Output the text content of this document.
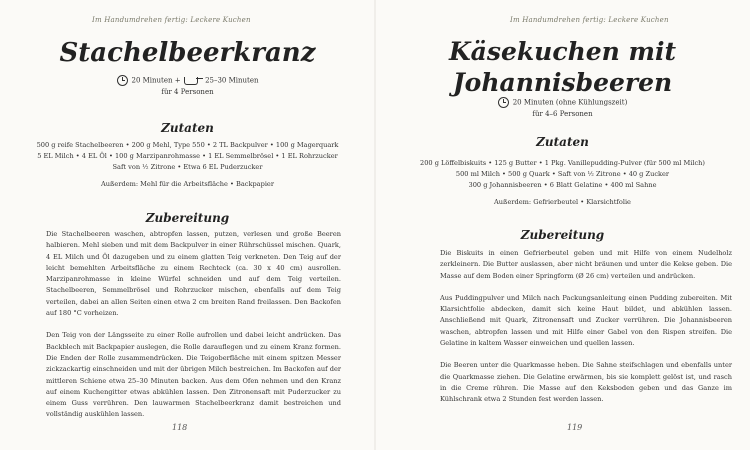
Im Handumdrehen fertig: Leckere Kuchen
Stachelbeerkranz
20 Minuten +	25–30 Minuten
für 4 Personen
Zutaten
500 g reife Stachelbeeren • 200 g Mehl, Type 550 • 2 TL Backpulver • 100 g Magerquark
5 EL Milch • 4 EL Öl • 100 g Marzipanrohmasse • 1 EL Semmelbrösel • 1 EL Rohrzucker
Saft von ½ Zitrone • Etwa 6 EL Puderzucker
Außerdem: Mehl für die Arbeitsfläche • Backpapier
Zubereitung

Die Stachelbeeren waschen, abtropfen lassen, putzen, verlesen und große Beeren halbieren. Mehl sieben und mit dem Backpulver in einer Rührschüssel mischen. Quark, 4 EL Milch und Öl dazugeben und zu einem glatten Teig verkneten. Den Teig auf der leicht bemehlten Arbeitsfläche zu einem Rechteck (ca. 30 x 40 cm) ausrollen. Marzipanrohmasse in kleine Würfel schneiden und auf dem Teig verteilen. Stachelbeeren, Semmelbrösel und Rohrzucker mischen, ebenfalls auf dem Teig verteilen, dabei an allen Seiten einen etwa 2 cm breiten Rand freilassen. Den Backofen auf 180 °C vorheizen.

Den Teig von der Längsseite zu einer Rolle aufrollen und dabei leicht andrücken. Das Backblech mit Backpapier auslegen, die Rolle darauflegen und zu einem Kranz formen. Die Enden der Rolle zusammendrücken. Die Teigoberfläche mit einem spitzen Messer zickzackartig einschneiden und mit der übrigen Milch bestreichen. Im Backofen auf der mittleren Schiene etwa 25–30 Minuten backen. Aus dem Ofen nehmen und den Kranz auf einem Kuchengitter etwas abkühlen lassen. Den Zitronensaft mit Puderzucker zu einem Guss verrühren. Den lauwarmen Stachelbeerkranz damit bestreichen und vollständig auskühlen lassen.

118
Im Handumdrehen fertig: Leckere Kuchen
Käsekuchen mit
Johannisbeeren
20 Minuten (ohne Kühlungszeit)
für 4–6 Personen
Zutaten
200 g Löffelbiskuits • 125 g Butter • 1 Pkg. Vanillepudding-Pulver (für 500 ml Milch)
500 ml Milch • 500 g Quark • Saft von ½ Zitrone • 40 g Zucker
300 g Johannisbeeren • 6 Blatt Gelatine • 400 ml Sahne
Außerdem: Gefrierbeutel • Klarsichtfolie
Zubereitung

Die Biskuits in einen Gefrierbeutel geben und mit Hilfe von einem Nudelholz zerkleinern. Die Butter auslassen, aber nicht bräunen und unter die Kekse geben. Die Masse auf dem Boden einer Springform (Ø 26 cm) verteilen und andrücken.

Aus Puddingpulver und Milch nach Packungsanleitung einen Pudding zubereiten. Mit Klarsichtfolie abdecken, damit sich keine Haut bildet, und abkühlen lassen. Anschließend mit Quark, Zitronensaft und Zucker verrühren. Die Johannisbeeren waschen, abtropfen lassen und mit Hilfe einer Gabel von den Rispen streifen. Die Gelatine in kaltem Wasser einweichen und quellen lassen.

Die Beeren unter die Quarkmasse heben. Die Sahne steifschlagen und ebenfalls unter die Quarkmasse ziehen. Die Gelatine erwärmen, bis sie komplett gelöst ist, und rasch in die Creme rühren. Die Masse auf den Keksboden geben und das Ganze im Kühlschrank etwa 2 Stunden fest werden lassen.

119
